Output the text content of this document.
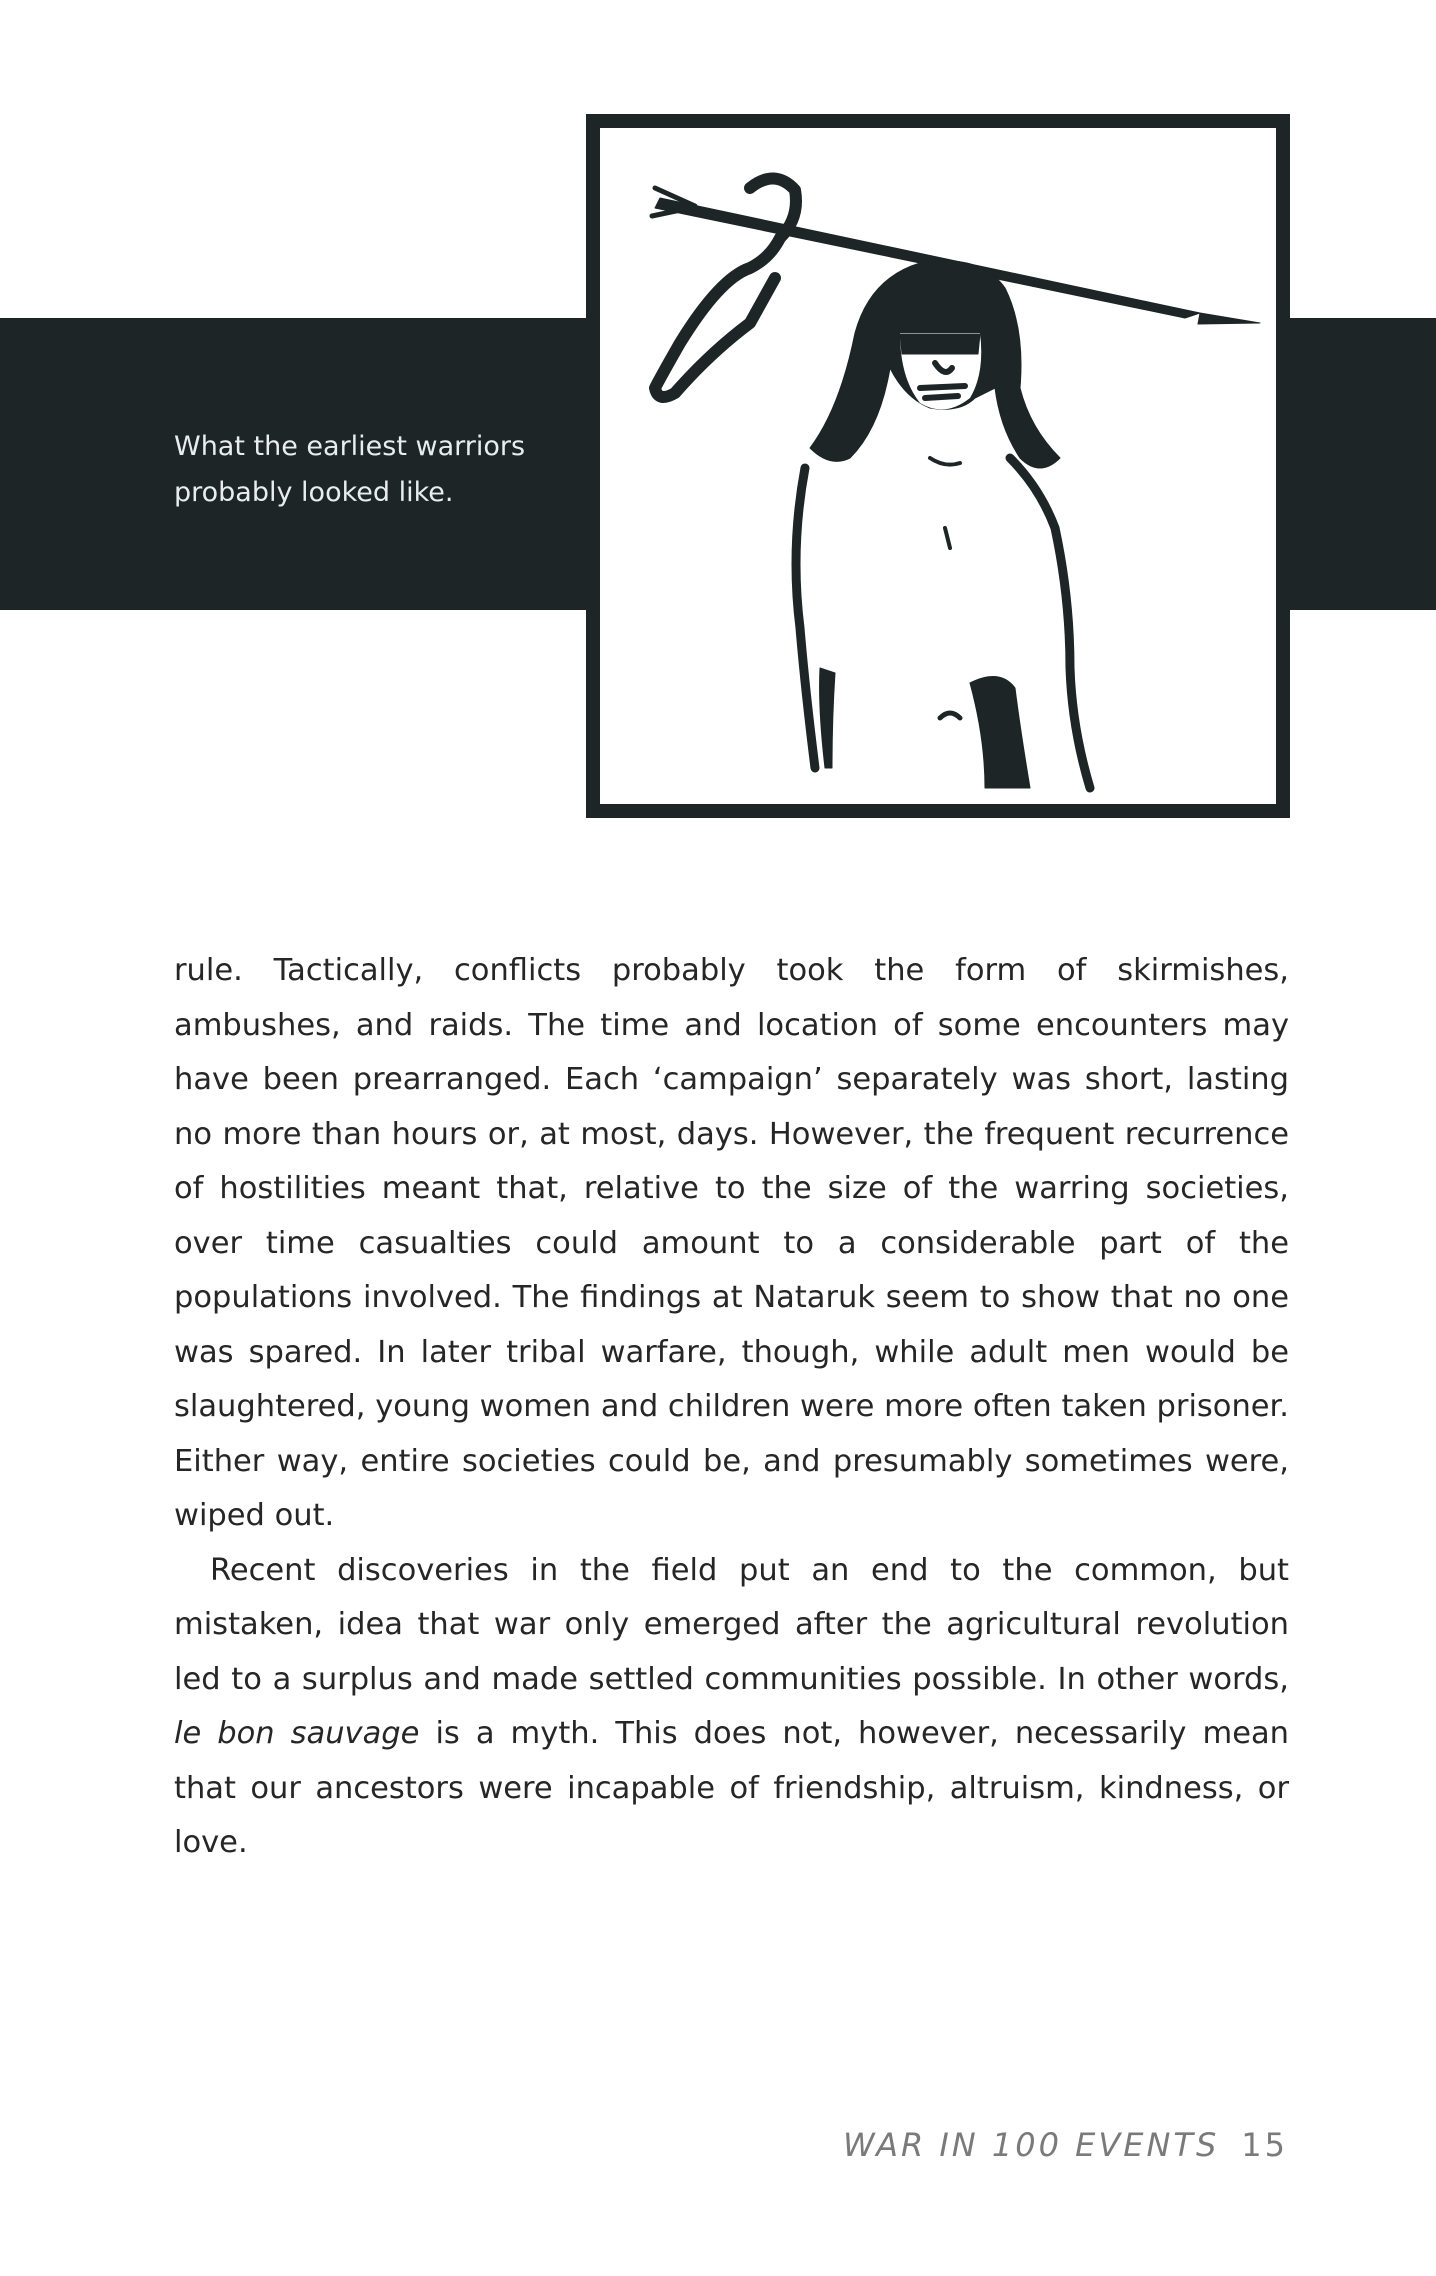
What the earliest warriors probably looked like.

rule. Tactically, conflicts probably took the form of skirmishes, ambushes, and raids. The time and location of some encounters may have been prearranged. Each ‘campaign’ separately was short, lasting no more than hours or, at most, days. However, the frequent recurrence of hostilities meant that, relative to the size of the warring societies, over time casualties could amount to a considerable part of the populations involved. The findings at Nataruk seem to show that no one was spared. In later tribal warfare, though, while adult men would be slaughtered, young women and children were more often taken prisoner. Either way, entire societies could be, and presumably sometimes were, wiped out.

Recent discoveries in the field put an end to the common, but mistaken, idea that war only emerged after the agricultural revolution led to a surplus and made settled communities possible. In other words, le bon sauvage is a myth. This does not, however, necessarily mean that our ancestors were incapable of friendship, altruism, kindness, or love.

WAR IN 100 EVENTS 15
